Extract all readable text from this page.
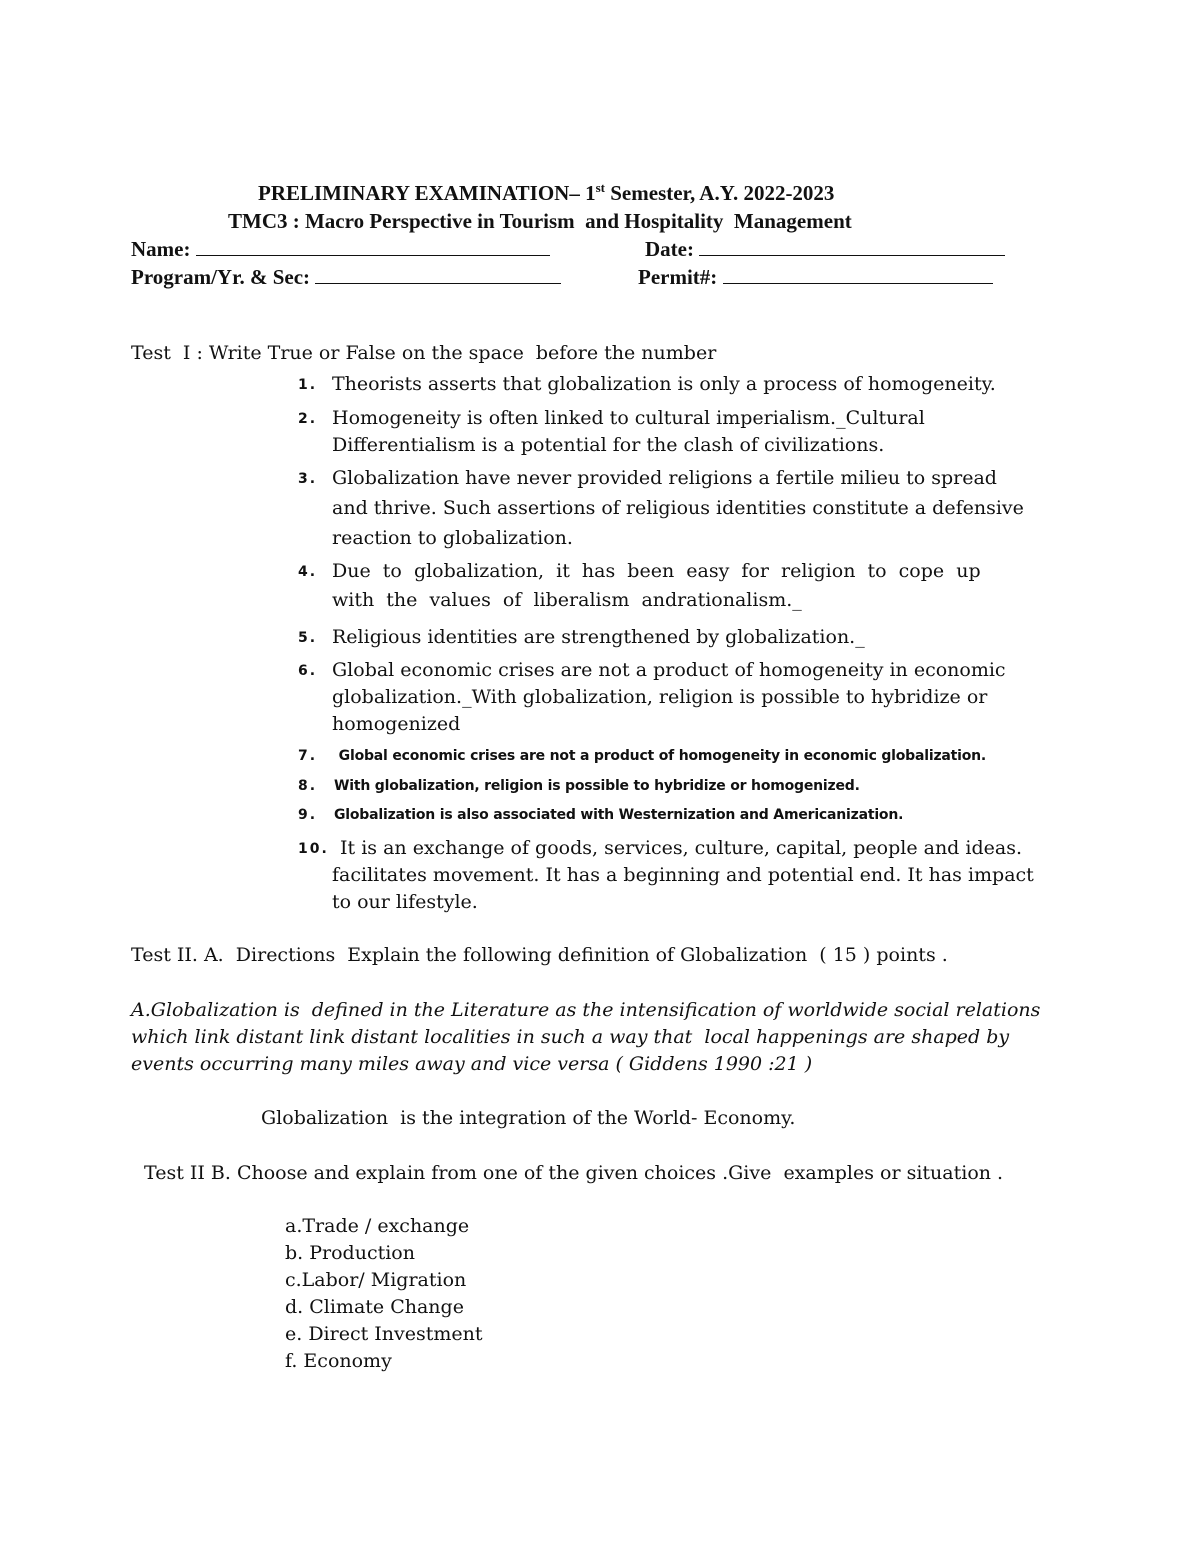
PRELIMINARY EXAMINATION– 1st Semester, A.Y. 2022-2023
TMC3 : Macro Perspective in Tourism  and Hospitality  Management
Name:	Date:
Program/Yr. & Sec:	Permit#:
Test  I : Write True or False on the space  before the number
1. Theorists asserts that globalization is only a process of homogeneity.
2. Homogeneity is often linked to cultural imperialism._Cultural
Differentialism is a potential for the clash of civilizations.
3. Globalization have never provided religions a fertile milieu to spread
and thrive. Such assertions of religious identities constitute a defensive
reaction to globalization.
4. Due  to  globalization,  it  has  been  easy  for  religion  to  cope  up
with  the  values  of  liberalism  andrationalism._
5. Religious identities are strengthened by globalization._
6. Global economic crises are not a product of homogeneity in economic
globalization._With globalization, religion is possible to hybridize or
homogenized
7. Global economic crises are not a product of homogeneity in economic globalization.
8. With globalization, religion is possible to hybridize or homogenized.
9. Globalization is also associated with Westernization and Americanization.
10. It is an exchange of goods, services, culture, capital, people and ideas.
facilitates movement. It has a beginning and potential end. It has impact
to our lifestyle.
Test II. A.  Directions  Explain the following definition of Globalization  ( 15 ) points .
A.Globalization is  defined in the Literature as the intensification of worldwide social relations
which link distant link distant localities in such a way that  local happenings are shaped by
events occurring many miles away and vice versa ( Giddens 1990 :21 )
Globalization  is the integration of the World- Economy.
Test II B. Choose and explain from one of the given choices .Give  examples or situation .
a.Trade / exchange
b. Production
c.Labor/ Migration
d. Climate Change
e. Direct Investment
f. Economy
